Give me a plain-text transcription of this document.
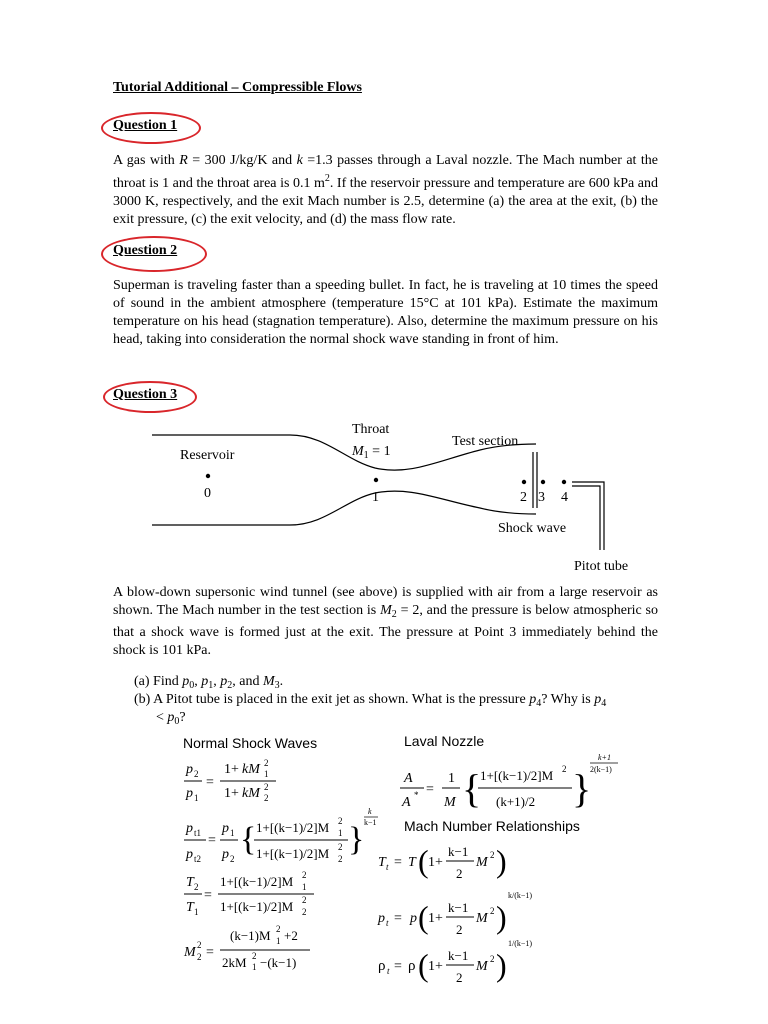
Tutorial Additional – Compressible Flows
Question 1
A gas with R = 300 J/kg/K and k =1.3 passes through a Laval nozzle. The Mach number at the throat is 1 and the throat area is 0.1 $m^2$. If the reservoir pressure and temperature are 600 kPa and 3000 K, respectively, and the exit Mach number is 2.5, determine (a) the area at the exit, (b) the exit pressure, (c) the exit velocity, and (d) the mass flow rate.
Question 2
Superman is traveling faster than a speeding bullet. In fact, he is traveling at 10 times the speed of sound in the ambient atmosphere (temperature 15°C at 101 kPa). Estimate the maximum temperature on his head (stagnation temperature). Also, determine the maximum pressure on his head, taking into consideration the normal shock wave standing in front of him.
Question 3
Throat
$M_1 = 1$
Test section
Reservoir
0	1	2 3 4
Shock wave
Pitot tube
A blow-down supersonic wind tunnel (see above) is supplied with air from a large reservoir as shown. The Mach number in the test section is $M_2 = 2$, and the pressure is below atmospheric so that a shock wave is formed just at the exit. The pressure at Point 3 immediately behind the shock is 101 kPa.
(a) Find $p_0$, $p_1$, $p_2$, and $M_3$.
(b) A Pitot tube is placed in the exit jet as shown. What is the pressure $p_4$? Why is $p_4$
< $p_0$?
Normal Shock Waves	Laval Nozzle
Mach Number Relationships
p 2
p 1
=
1+ kM 1
2
1+ kM 2
2
p t1
p t2
=
p 1
p 2
{ 1+[(k−1)/2]M 1
2
1+[(k−1)/2]M 2
2 }
k
k−1
T 2
T 1
=
1+[(k−1)/2]M 1
2
1+[(k−1)/2]M 2
2
M 2
2 =
(k−1)M 1
2 +2
2kM 1
2 −(k−1)
A
A * =
1
M {
1+[(k−1)/2]M 2
(k+1)/2 }
k+1
2(k−1)
T t = T ( 1+
k−1
2
M 2 )
p t = p ( 1+
k−1
2
M 2 )
k/(k−1)
ρ t = ρ ( 1+
k−1
2
M 2 )
1/(k−1)
